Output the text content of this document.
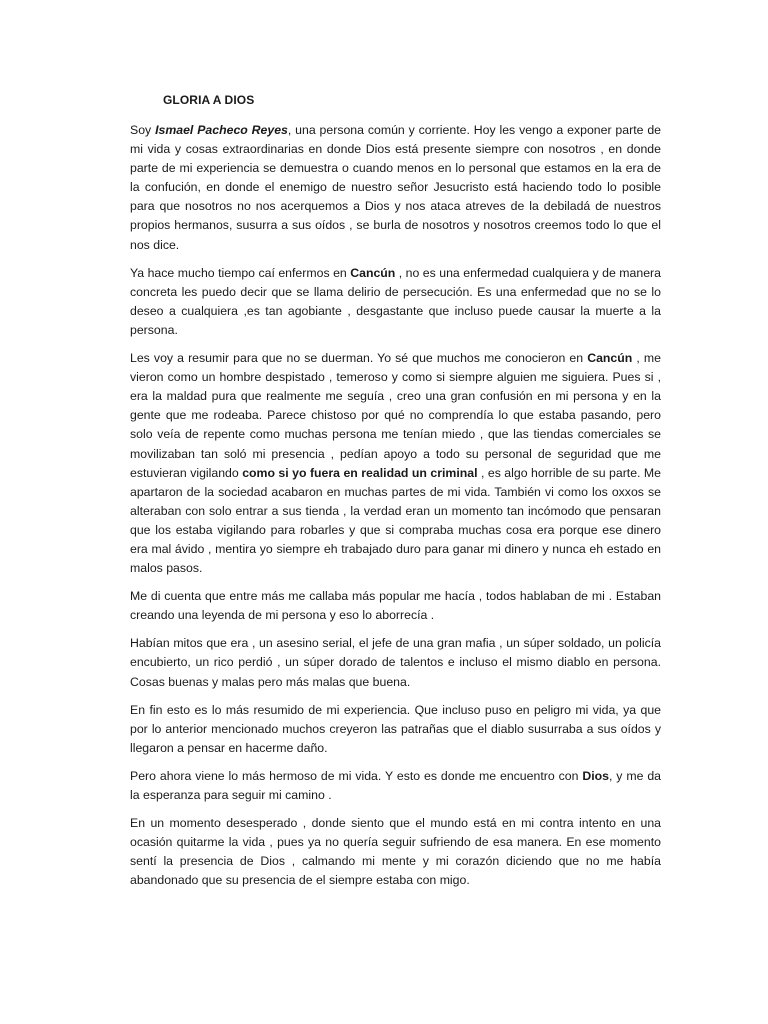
GLORIA A DIOS

Soy Ismael Pacheco Reyes, una persona común y corriente. Hoy les vengo a exponer parte de mi vida y cosas extraordinarias en donde Dios está presente siempre con nosotros , en donde parte de mi experiencia se demuestra o cuando menos en lo personal que estamos en la era de la confución, en donde el enemigo de nuestro señor Jesucristo está haciendo todo lo posible para que nosotros no nos acerquemos a Dios y nos ataca atreves de la debiladá de nuestros propios hermanos, susurra a sus oídos , se burla de nosotros y nosotros creemos todo lo que el nos dice.

Ya hace mucho tiempo caí enfermos en Cancún , no es una enfermedad cualquiera y de manera concreta les puedo decir que se llama delirio de persecución. Es una enfermedad que no se lo deseo a cualquiera ,es tan agobiante , desgastante que incluso puede causar la muerte a la persona.

Les voy a resumir para que no se duerman. Yo sé que muchos me conocieron en Cancún , me vieron como un hombre despistado , temeroso y como si siempre alguien me siguiera. Pues si , era la maldad pura que realmente me seguía , creo una gran confusión en mi persona y en la gente que me rodeaba. Parece chistoso por qué no comprendía lo que estaba pasando, pero solo veía de repente como muchas persona me tenían miedo , que las tiendas comerciales se movilizaban tan soló mi presencia , pedían apoyo a todo su personal de seguridad que me estuvieran vigilando como si yo fuera en realidad un criminal , es algo horrible de su parte. Me apartaron de la sociedad acabaron en muchas partes de mi vida. También vi como los oxxos se alteraban con solo entrar a sus tienda , la verdad eran un momento tan incómodo que pensaran que los estaba vigilando para robarles y que si compraba muchas cosa era porque ese dinero era mal ávido , mentira yo siempre eh trabajado duro para ganar mi dinero y nunca eh estado en malos pasos.

Me di cuenta que entre más me callaba más popular me hacía , todos hablaban de mi . Estaban creando una leyenda de mi persona y eso lo aborrecía .

Habían mitos que era , un asesino serial, el jefe de una gran mafia , un súper soldado, un policía encubierto, un rico perdió , un súper dorado de talentos e incluso el mismo diablo en persona. Cosas buenas y malas pero más malas que buena.

En fin esto es lo más resumido de mi experiencia. Que incluso puso en peligro mi vida, ya que por lo anterior mencionado muchos creyeron las patrañas que el diablo susurraba a sus oídos y llegaron a pensar en hacerme daño.

Pero ahora viene lo más hermoso de mi vida. Y esto es donde me encuentro con Dios, y me da la esperanza para seguir mi camino .

En un momento desesperado , donde siento que el mundo está en mi contra intento en una ocasión quitarme la vida , pues ya no quería seguir sufriendo de esa manera. En ese momento sentí la presencia de Dios , calmando mi mente y mi corazón diciendo que no me había abandonado que su presencia de el siempre estaba con migo.
